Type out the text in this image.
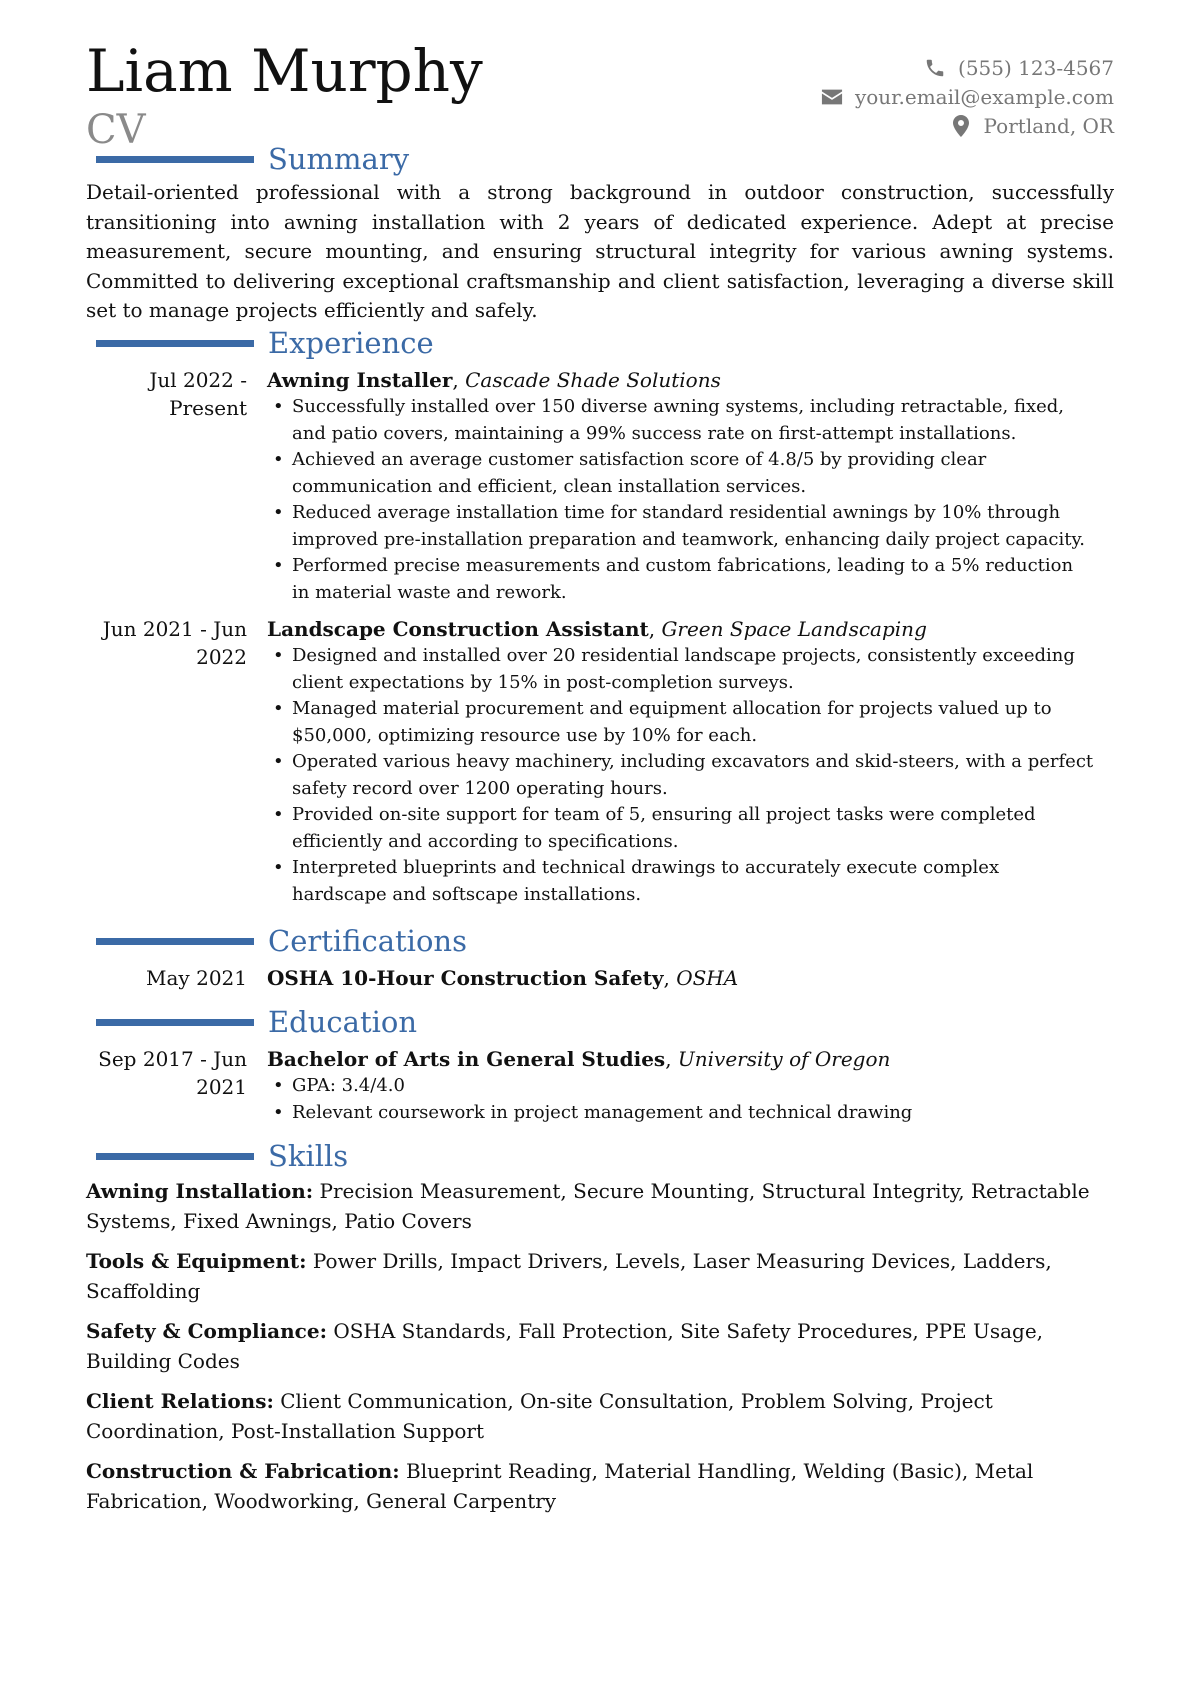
Liam Murphy
CV
(555) 123-4567
your.email@example.com
Portland, OR
Summary
Detail-oriented professional with a strong background in outdoor construction, successfully transitioning into awning installation with 2 years of dedicated experience. Adept at precise measurement, secure mounting, and ensuring structural integrity for various awning systems. Committed to delivering exceptional craftsmanship and client satisfaction, leveraging a diverse skill set to manage projects efficiently and safely.
Experience
Jul 2022 - Present
Awning Installer, Cascade Shade Solutions
• Successfully installed over 150 diverse awning systems, including retractable, fixed, and patio covers, maintaining a 99% success rate on first-attempt installations.
• Achieved an average customer satisfaction score of 4.8/5 by providing clear communication and efficient, clean installation services.
• Reduced average installation time for standard residential awnings by 10% through improved pre-installation preparation and teamwork, enhancing daily project capacity.
• Performed precise measurements and custom fabrications, leading to a 5% reduction in material waste and rework.
Jun 2021 - Jun 2022
Landscape Construction Assistant, Green Space Landscaping
• Designed and installed over 20 residential landscape projects, consistently exceeding client expectations by 15% in post-completion surveys.
• Managed material procurement and equipment allocation for projects valued up to $50,000, optimizing resource use by 10% for each.
• Operated various heavy machinery, including excavators and skid-steers, with a perfect safety record over 1200 operating hours.
• Provided on-site support for team of 5, ensuring all project tasks were completed efficiently and according to specifications.
• Interpreted blueprints and technical drawings to accurately execute complex hardscape and softscape installations.
Certifications
May 2021	OSHA 10-Hour Construction Safety, OSHA
Education
Sep 2017 - Jun 2021
Bachelor of Arts in General Studies, University of Oregon
• GPA: 3.4/4.0
• Relevant coursework in project management and technical drawing
Skills
Awning Installation: Precision Measurement, Secure Mounting, Structural Integrity, Retractable Systems, Fixed Awnings, Patio Covers
Tools & Equipment: Power Drills, Impact Drivers, Levels, Laser Measuring Devices, Ladders, Scaffolding
Safety & Compliance: OSHA Standards, Fall Protection, Site Safety Procedures, PPE Usage, Building Codes
Client Relations: Client Communication, On-site Consultation, Problem Solving, Project Coordination, Post-Installation Support
Construction & Fabrication: Blueprint Reading, Material Handling, Welding (Basic), Metal Fabrication, Woodworking, General Carpentry
